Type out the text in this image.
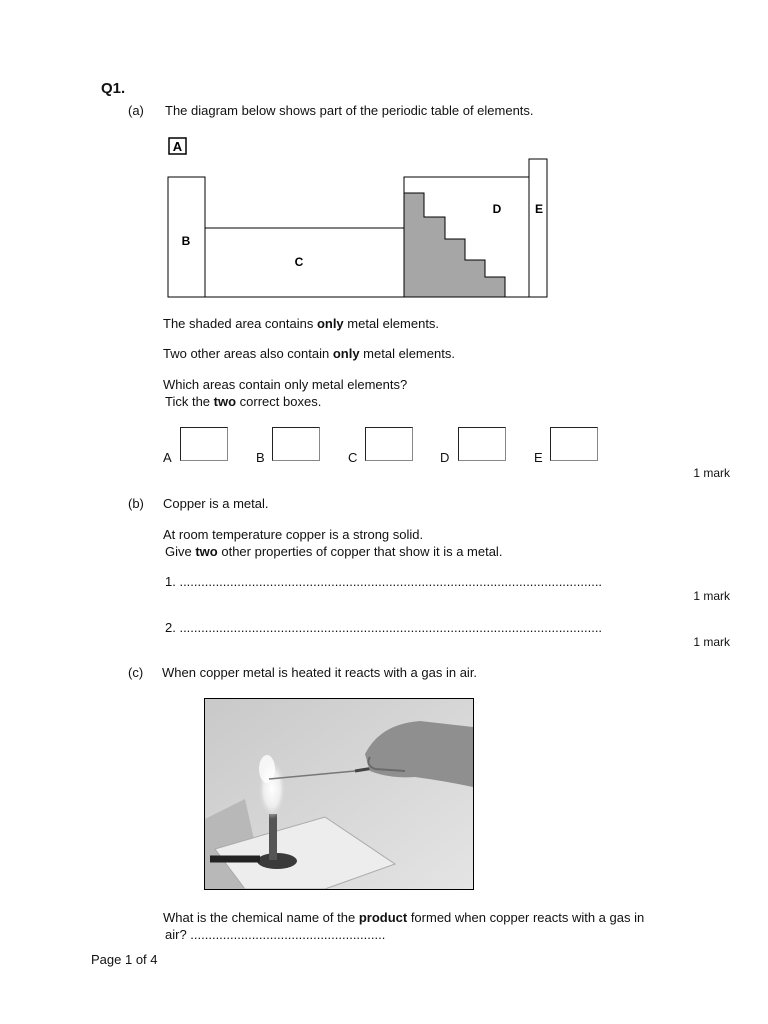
Q1.
(a) The diagram below shows part of the periodic table of elements.
A
B
C
D	E
The shaded area contains only metal elements.
Two other areas also contain only metal elements.
Which areas contain only metal elements?
Tick the two correct boxes.
A	B	C	D	E
1 mark
(b) Copper is a metal.
At room temperature copper is a strong solid.
Give two other properties of copper that show it is a metal.
1. .....................................................................................................................
1 mark
2. .....................................................................................................................
1 mark
(c) When copper metal is heated it reacts with a gas in air.
What is the chemical name of the product formed when copper reacts with a gas in
air? ......................................................
Page 1 of 4
